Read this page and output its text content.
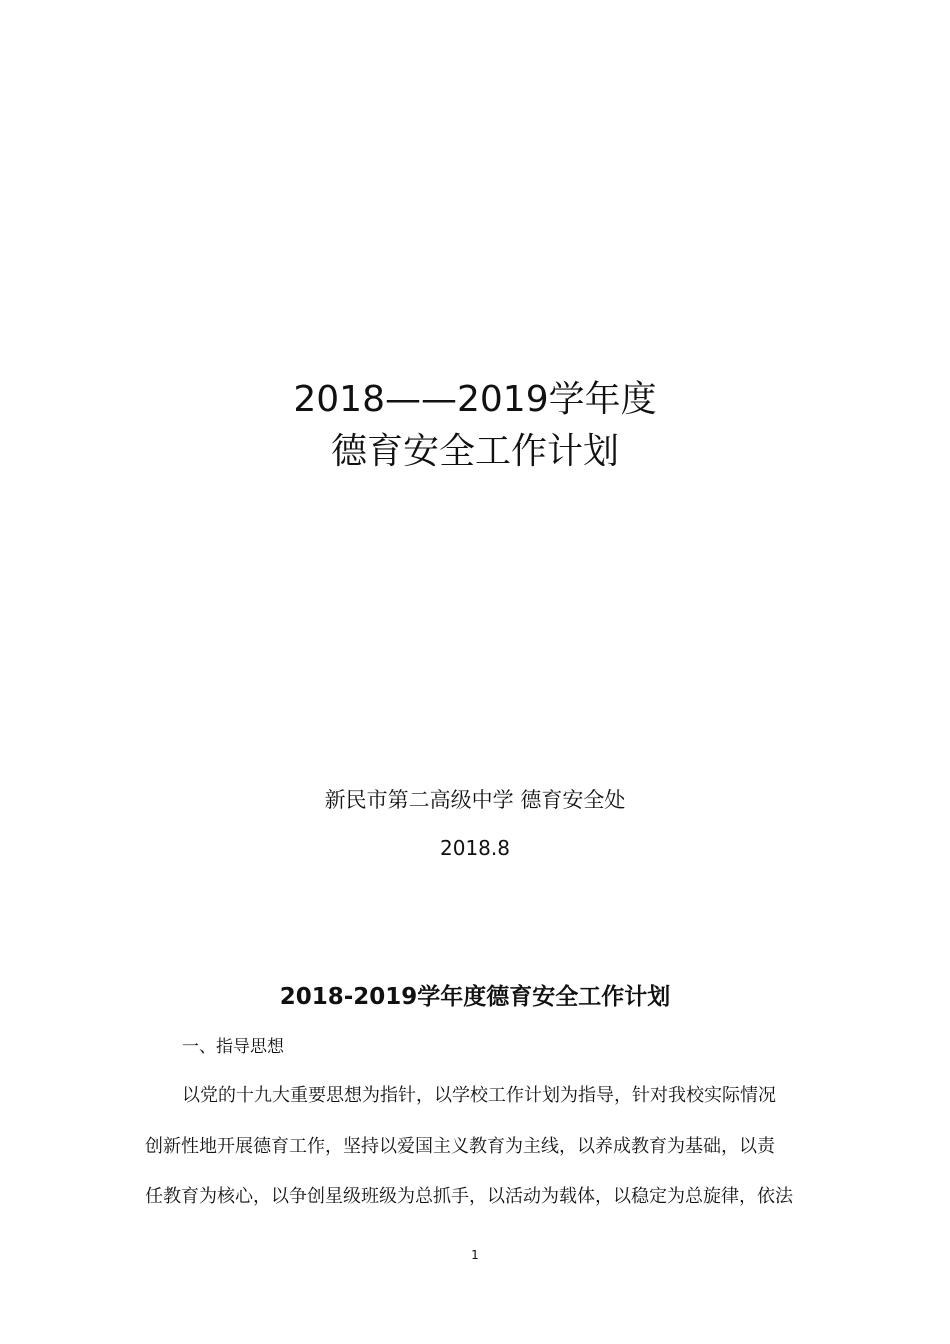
2018——2019学年度
德育安全工作计划
新民市第二高级中学 德育安全处
2018.8
2018-2019学年度德育安全工作计划
一、指导思想
以党的十九大重要思想为指针，以学校工作计划为指导，针对我校实际情况
创新性地开展德育工作，坚持以爱国主义教育为主线，以养成教育为基础，以责
任教育为核心，以争创星级班级为总抓手，以活动为载体，以稳定为总旋律，依法
1
